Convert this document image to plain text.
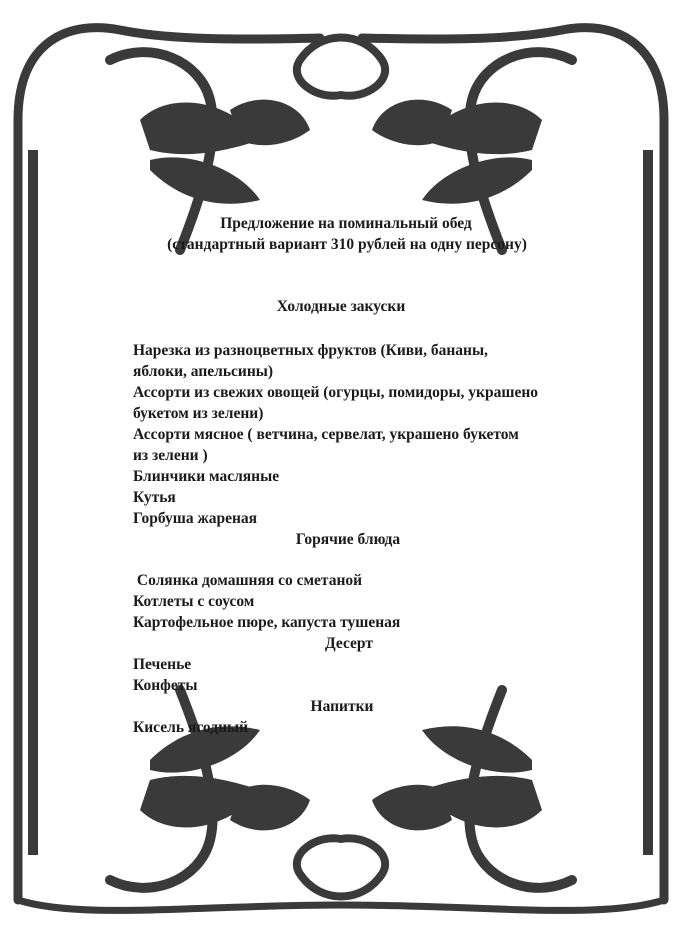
Предложение на поминальный обед
(стандартный вариант 310 рублей на одну персону)
Холодные закуски
Нарезка из разноцветных фруктов (Киви, бананы,
яблоки, апельсины)
Ассорти из свежих овощей (огурцы, помидоры, украшено
букетом из зелени)
Ассорти мясное ( ветчина, сервелат, украшено букетом
из зелени )
Блинчики масляные
Кутья
Горбуша жареная
Горячие блюда
Солянка домашняя со сметаной
Котлеты с соусом
Картофельное пюре, капуста тушеная
Десерт
Печенье
Конфеты
Напитки
Кисель ягодный
